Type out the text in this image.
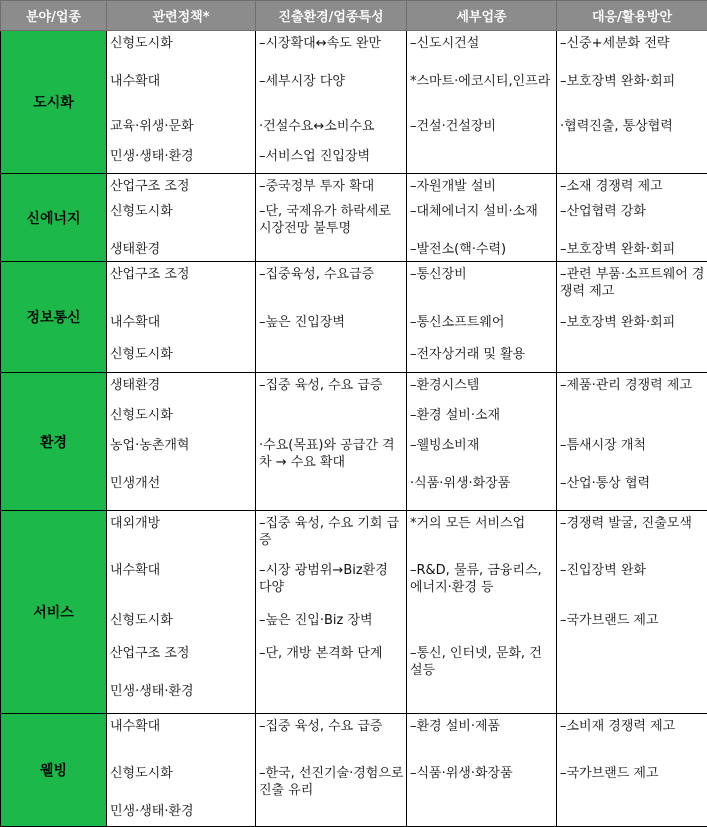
분야/업종	관련정책*	진출환경/업종특성	세부업종	대응/활용방안
도시화	신형도시화	–시장확대↔속도 완만	–신도시건설	–신중+세분화 전략

	내수확대	–세부시장 다양	*스마트·에코시티,인프라	–보호장벽 완화·회피

	교육·위생·문화	·건설수요↔소비수요	–건설·건설장비	·협력진출, 통상협력

	민생·생태·환경	–서비스업 진입장벽		

신에너지	산업구조 조정	–중국정부 투자 확대	–자원개발 설비	–소재 경쟁력 제고

	신형도시화	–단, 국제유가 하락세로 시장전망 불투명	–대체에너지 설비·소재	–산업협력 강화

	생태환경		–발전소(핵·수력)	–보호장벽 완화·회피

정보통신	산업구조 조정	–집중육성, 수요급증	–통신장비	–관련 부품·소프트웨어 경쟁력 제고

	내수확대	–높은 진입장벽	–통신소프트웨어	–보호장벽 완화·회피

	신형도시화		–전자상거래 및 활용	

환경	생태환경	–집중 육성, 수요 급증	–환경시스템	–제품·관리 경쟁력 제고

	신형도시화		–환경 설비·소재	

	농업·농촌개혁	·수요(목표)와 공급간 격차 → 수요 확대	–웰빙소비재	–틈새시장 개척

	민생개선		·식품·위생·화장품	–산업·통상 협력

서비스	대외개방	–집중 육성, 수요 기회 급증	*거의 모든 서비스업	–경쟁력 발굴, 진출모색

	내수확대	–시장 광범위→Biz환경 다양	–R&D, 물류, 금융리스, 에너지·환경 등	–진입장벽 완화

	신형도시화	–높은 진입·Biz 장벽		–국가브랜드 제고

	산업구조 조정	–단, 개방 본격화 단계	–통신, 인터넷, 문화, 건설등	

	민생·생태·환경			

웰빙	내수확대	–집중 육성, 수요 급증	–환경 설비·제품	–소비재 경쟁력 제고

	신형도시화	–한국, 선진기술·경험으로 진출 유리	–식품·위생·화장품	–국가브랜드 제고

	민생·생태·환경			
